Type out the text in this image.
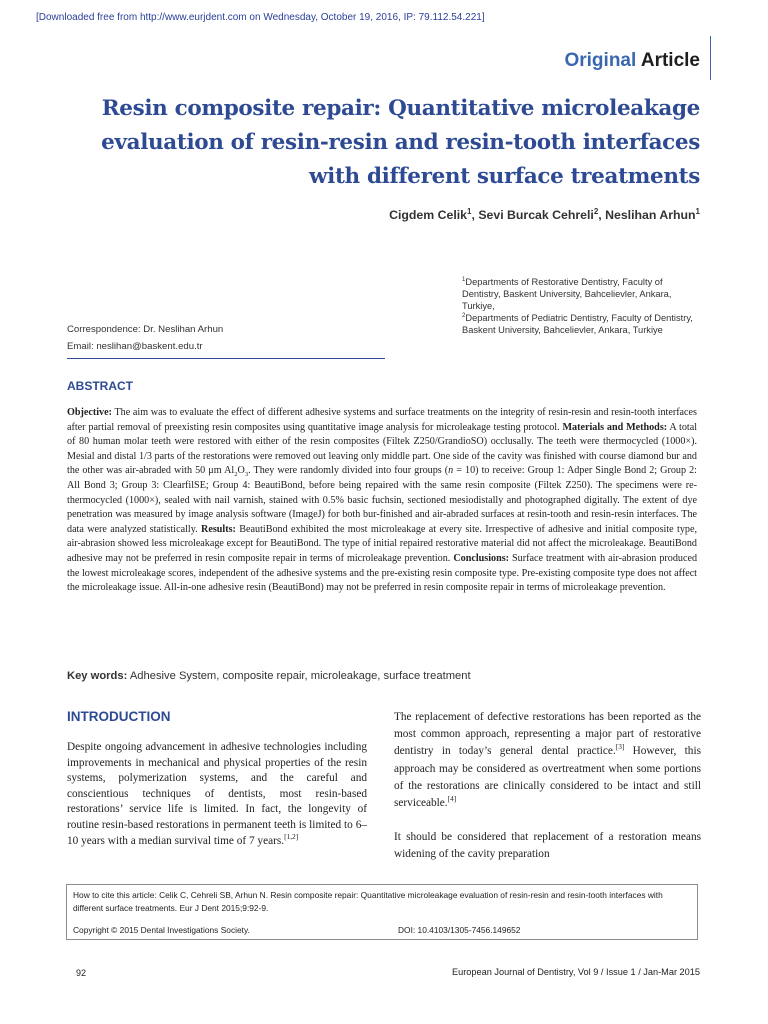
[Downloaded free from http://www.eurjdent.com on Wednesday, October 19, 2016, IP: 79.112.54.221]
Original Article
Resin composite repair: Quantitative microleakage
evaluation of resin-resin and resin-tooth interfaces
with different surface treatments
Cigdem Celik$^1$, Sevi Burcak Cehreli$^2$, Neslihan Arhun$^1$
$^1$Departments of Restorative Dentistry, Faculty of Dentistry, Baskent University, Bahcelievler, Ankara, Turkiye,
$^2$Departments of Pediatric Dentistry, Faculty of Dentistry, Baskent University, Bahcelievler, Ankara, Turkiye
Correspondence: Dr. Neslihan Arhun
Email: neslihan@baskent.edu.tr
ABSTRACT
Objective: The aim was to evaluate the effect of different adhesive systems and surface treatments on the integrity of resin-resin and resin-tooth interfaces after partial removal of preexisting resin composites using quantitative image analysis for microleakage testing protocol. Materials and Methods: A total of 80 human molar teeth were restored with either of the resin composites (Filtek Z250/GrandioSO) occlusally. The teeth were thermocycled (1000×). Mesial and distal 1/3 parts of the restorations were removed out leaving only middle part. One side of the cavity was finished with course diamond bur and the other was air-abraded with 50 μm $Al_2O_3$. They were randomly divided into four groups (n = 10) to receive: Group 1: Adper Single Bond 2; Group 2: All Bond 3; Group 3: ClearfilSE; Group 4: BeautiBond, before being repaired with the same resin composite (Filtek Z250). The specimens were re-thermocycled (1000×), sealed with nail varnish, stained with 0.5% basic fuchsin, sectioned mesiodistally and photographed digitally. The extent of dye penetration was measured by image analysis software (ImageJ) for both bur-finished and air-abraded surfaces at resin-tooth and resin-resin interfaces. The data were analyzed statistically. Results: BeautiBond exhibited the most microleakage at every site. Irrespective of adhesive and initial composite type, air-abrasion showed less microleakage except for BeautiBond. The type of initial repaired restorative material did not affect the microleakage. BeautiBond adhesive may not be preferred in resin composite repair in terms of microleakage prevention. Conclusions: Surface treatment with air-abrasion produced the lowest microleakage scores, independent of the adhesive systems and the pre-existing resin composite type. Pre-existing composite type does not affect the microleakage issue. All-in-one adhesive resin (BeautiBond) may not be preferred in resin composite repair in terms of microleakage prevention.
Key words: Adhesive System, composite repair, microleakage, surface treatment
INTRODUCTION
Despite ongoing advancement in adhesive technologies including improvements in mechanical and physical properties of the resin systems, polymerization systems, and the careful and conscientious techniques of dentists, most resin-based restorations’ service life is limited. In fact, the longevity of routine resin-based restorations in permanent teeth is limited to 6–10 years with a median survival time of 7 years.[1,2]

The replacement of defective restorations has been reported as the most common approach, representing a major part of restorative dentistry in today’s general dental practice.[3] However, this approach may be considered as overtreatment when some portions of the restorations are clinically considered to be intact and still serviceable.[4]

It should be considered that replacement of a restoration means widening of the cavity preparation

How to cite this article: Celik C, Cehreli SB, Arhun N. Resin composite repair: Quantitative microleakage evaluation of resin-resin and resin-tooth interfaces with different surface treatments. Eur J Dent 2015;9:92-9.
Copyright © 2015 Dental Investigations Society.	DOI: 10.4103/1305-7456.149652
92	European Journal of Dentistry, Vol 9 / Issue 1 / Jan-Mar 2015
